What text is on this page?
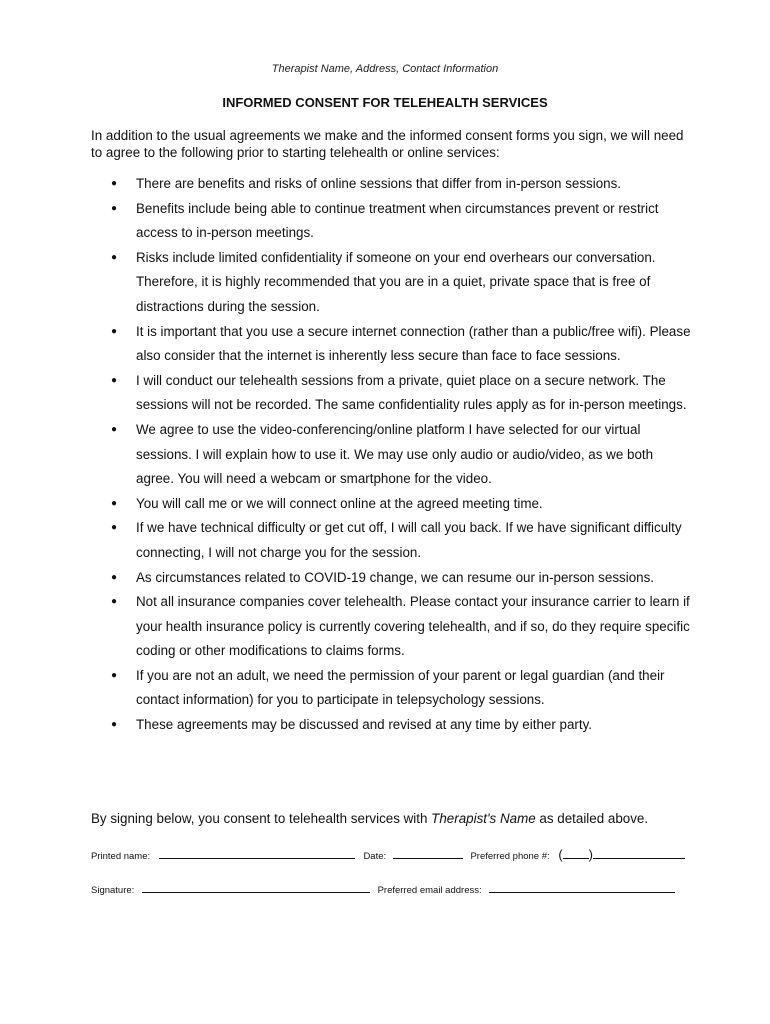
Therapist Name, Address, Contact Information
INFORMED CONSENT FOR TELEHEALTH SERVICES
In addition to the usual agreements we make and the informed consent forms you sign, we will need to agree to the following prior to starting telehealth or online services:
● There are benefits and risks of online sessions that differ from in-person sessions.
● Benefits include being able to continue treatment when circumstances prevent or restrict access to in-person meetings.
● Risks include limited confidentiality if someone on your end overhears our conversation. Therefore, it is highly recommended that you are in a quiet, private space that is free of distractions during the session.
● It is important that you use a secure internet connection (rather than a public/free wifi). Please also consider that the internet is inherently less secure than face to face sessions.
● I will conduct our telehealth sessions from a private, quiet place on a secure network. The sessions will not be recorded. The same confidentiality rules apply as for in-person meetings.
● We agree to use the video-conferencing/online platform I have selected for our virtual sessions. I will explain how to use it. We may use only audio or audio/video, as we both agree. You will need a webcam or smartphone for the video.
● You will call me or we will connect online at the agreed meeting time.
● If we have technical difficulty or get cut off, I will call you back. If we have significant difficulty connecting, I will not charge you for the session.
● As circumstances related to COVID-19 change, we can resume our in-person sessions.
● Not all insurance companies cover telehealth. Please contact your insurance carrier to learn if your health insurance policy is currently covering telehealth, and if so, do they require specific coding or other modifications to claims forms.
● If you are not an adult, we need the permission of your parent or legal guardian (and their contact information) for you to participate in telepsychology sessions.
● These agreements may be discussed and revised at any time by either party.
By signing below, you consent to telehealth services with Therapist's Name as detailed above.
Printed name:	Date:	Preferred phone #: ( )
Signature:	Preferred email address:
